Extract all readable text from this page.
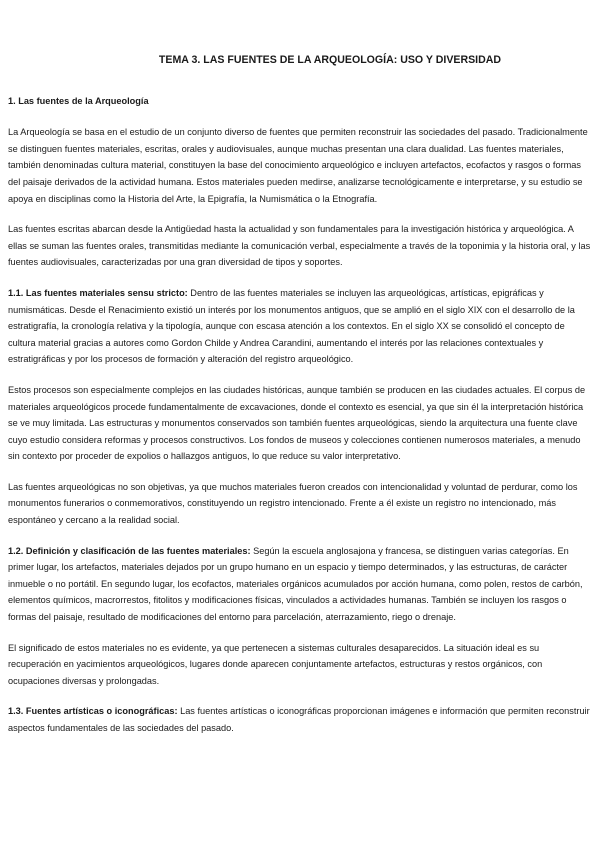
TEMA 3. LAS FUENTES DE LA ARQUEOLOGÍA: USO Y DIVERSIDAD
1. Las fuentes de la Arqueología

La Arqueología se basa en el estudio de un conjunto diverso de fuentes que permiten reconstruir las sociedades del pasado. Tradicionalmente se distinguen fuentes materiales, escritas, orales y audiovisuales, aunque muchas presentan una clara dualidad. Las fuentes materiales, también denominadas cultura material, constituyen la base del conocimiento arqueológico e incluyen artefactos, ecofactos y rasgos o formas del paisaje derivados de la actividad humana. Estos materiales pueden medirse, analizarse tecnológicamente e interpretarse, y su estudio se apoya en disciplinas como la Historia del Arte, la Epigrafía, la Numismática o la Etnografía.

Las fuentes escritas abarcan desde la Antigüedad hasta la actualidad y son fundamentales para la investigación histórica y arqueológica. A ellas se suman las fuentes orales, transmitidas mediante la comunicación verbal, especialmente a través de la toponimia y la historia oral, y las fuentes audiovisuales, caracterizadas por una gran diversidad de tipos y soportes.

1.1. Las fuentes materiales sensu stricto: Dentro de las fuentes materiales se incluyen las arqueológicas, artísticas, epigráficas y numismáticas. Desde el Renacimiento existió un interés por los monumentos antiguos, que se amplió en el siglo XIX con el desarrollo de la estratigrafía, la cronología relativa y la tipología, aunque con escasa atención a los contextos. En el siglo XX se consolidó el concepto de cultura material gracias a autores como Gordon Childe y Andrea Carandini, aumentando el interés por las relaciones contextuales y estratigráficas y por los procesos de formación y alteración del registro arqueológico.

Estos procesos son especialmente complejos en las ciudades históricas, aunque también se producen en las ciudades actuales. El corpus de materiales arqueológicos procede fundamentalmente de excavaciones, donde el contexto es esencial, ya que sin él la interpretación histórica se ve muy limitada. Las estructuras y monumentos conservados son también fuentes arqueológicas, siendo la arquitectura una fuente clave cuyo estudio considera reformas y procesos constructivos. Los fondos de museos y colecciones contienen numerosos materiales, a menudo sin contexto por proceder de expolios o hallazgos antiguos, lo que reduce su valor interpretativo.

Las fuentes arqueológicas no son objetivas, ya que muchos materiales fueron creados con intencionalidad y voluntad de perdurar, como los monumentos funerarios o conmemorativos, constituyendo un registro intencionado. Frente a él existe un registro no intencionado, más espontáneo y cercano a la realidad social.

1.2. Definición y clasificación de las fuentes materiales: Según la escuela anglosajona y francesa, se distinguen varias categorías. En primer lugar, los artefactos, materiales dejados por un grupo humano en un espacio y tiempo determinados, y las estructuras, de carácter inmueble o no portátil. En segundo lugar, los ecofactos, materiales orgánicos acumulados por acción humana, como polen, restos de carbón, elementos químicos, macrorrestos, fitolitos y modificaciones físicas, vinculados a actividades humanas. También se incluyen los rasgos o formas del paisaje, resultado de modificaciones del entorno para parcelación, aterrazamiento, riego o drenaje.

El significado de estos materiales no es evidente, ya que pertenecen a sistemas culturales desaparecidos. La situación ideal es su recuperación en yacimientos arqueológicos, lugares donde aparecen conjuntamente artefactos, estructuras y restos orgánicos, con ocupaciones diversas y prolongadas.

1.3. Fuentes artísticas o iconográficas: Las fuentes artísticas o iconográficas proporcionan imágenes e información que permiten reconstruir aspectos fundamentales de las sociedades del pasado.
